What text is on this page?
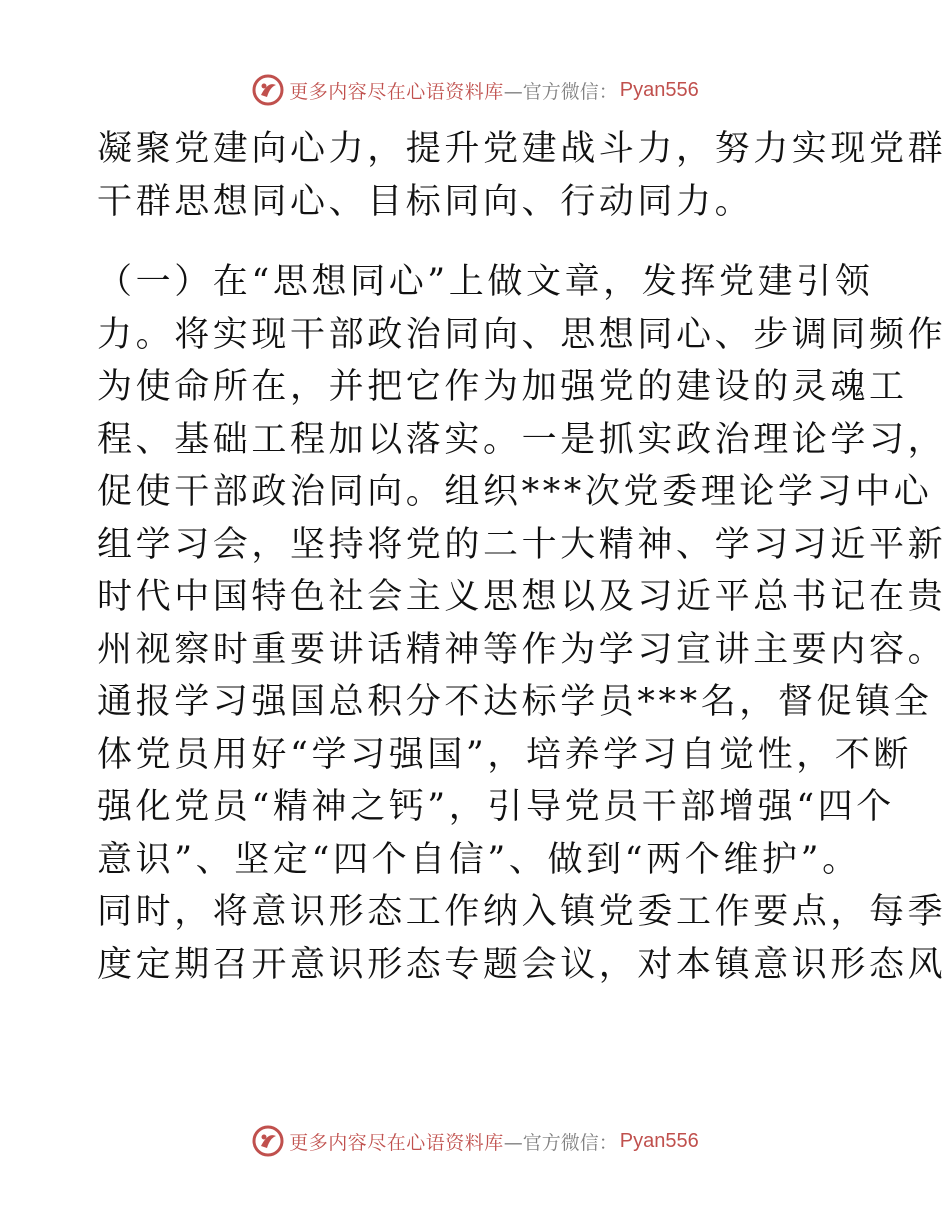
更多内容尽在心语资料库 —官方微信： Pyan556
凝聚党建向心力，提升党建战斗力，努力实现党群
干群思想同心、目标同向、行动同力。
（一）在“思想同心”上做文章，发挥党建引领
力。将实现干部政治同向、思想同心、步调同频作
为使命所在，并把它作为加强党的建设的灵魂工
程、基础工程加以落实。一是抓实政治理论学习，
促使干部政治同向。组织***次党委理论学习中心
组学习会，坚持将党的二十大精神、学习习近平新
时代中国特色社会主义思想以及习近平总书记在贵
州视察时重要讲话精神等作为学习宣讲主要内容。
通报学习强国总积分不达标学员***名，督促镇全
体党员用好“学习强国”，培养学习自觉性，不断
强化党员“精神之钙”，引导党员干部增强“四个
意识”、坚定“四个自信”、做到“两个维护”。
同时，将意识形态工作纳入镇党委工作要点，每季
度定期召开意识形态专题会议，对本镇意识形态风
更多内容尽在心语资料库 —官方微信： Pyan556
